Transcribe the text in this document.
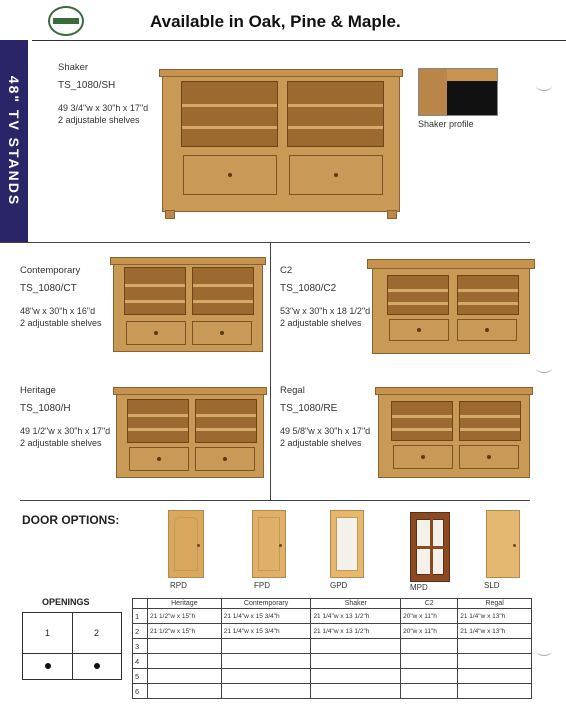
Available in Oak, Pine & Maple.
48" TV STANDS
Shaker
TS_1080/SH
49 3/4"w x 30"h x 17"d
2 adjustable shelves	Shaker profile
Contemporary
TS_1080/CT
48"w x 30"h x 16"d
2 adjustable shelves
C2
TS_1080/C2
53"w x 30"h x 18 1/2"d
2 adjustable shelves
Heritage
TS_1080/H
49 1/2"w x 30"h x 17"d
2 adjustable shelves
Regal
TS_1080/RE
49 5/8"w x 30"h x 17"d
2 adjustable shelves
DOOR OPTIONS:
RPD	FPD	GPD	MPD	SLD
OPENINGS
1	2
	Heritage	Contemporary	Shaker	C2	Regal
1	21 1/2"w x 15"h	21 1/4"w x 15 3/4"h	21 1/4"w x 13 1/2"h	20"w x 11"h	21 1/4"w x 13"h
2	21 1/2"w x 15"h	21 1/4"w x 15 3/4"h	21 1/4"w x 13 1/2"h	20"w x 11"h	21 1/4"w x 13"h
3					
4					
5					
6					
